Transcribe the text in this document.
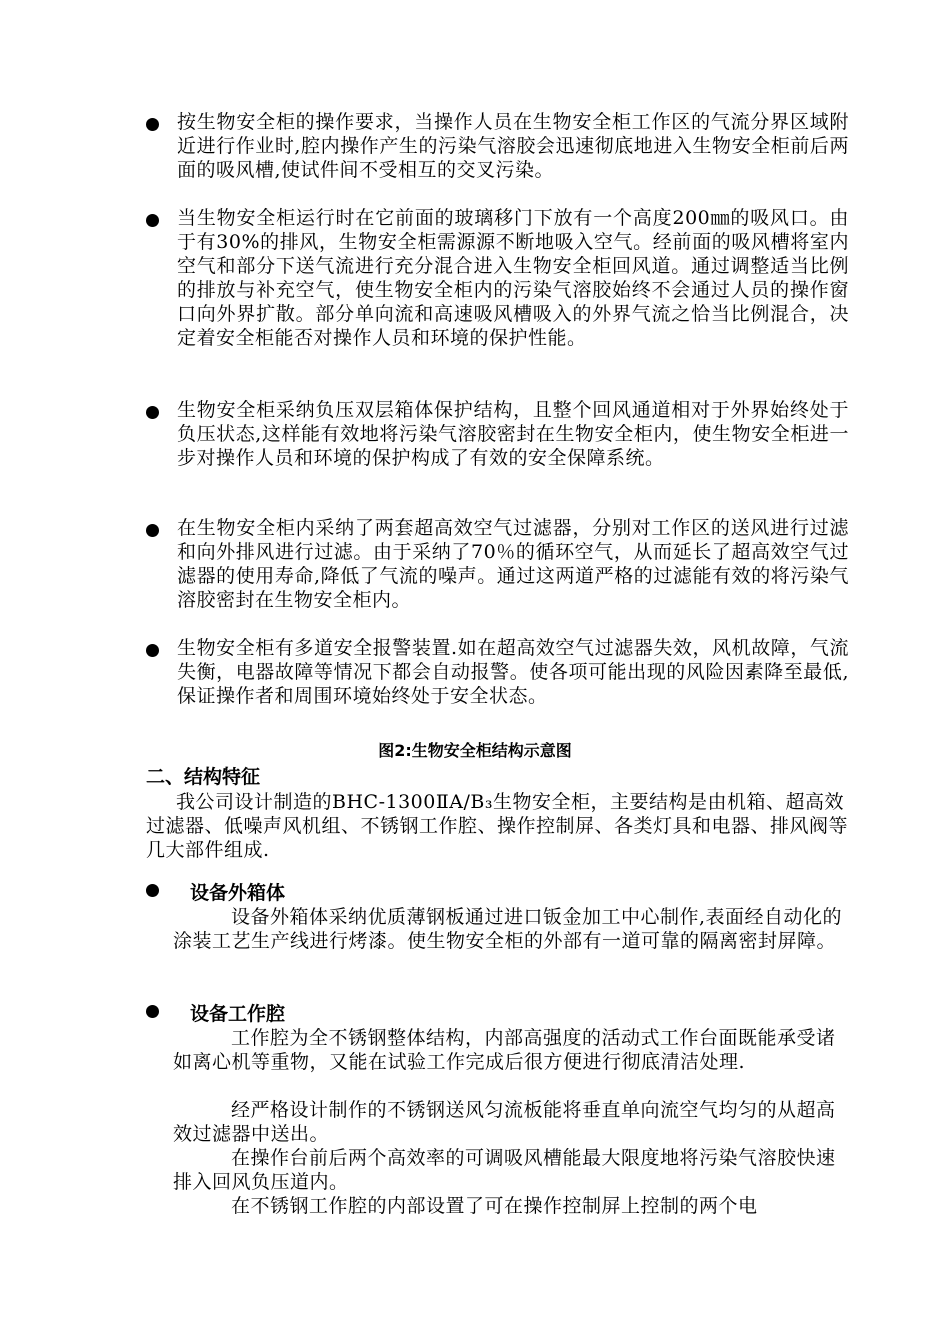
按生物安全柜的操作要求，当操作人员在生物安全柜工作区的气流分界区域附近进行作业时,腔内操作产生的污染气溶胶会迅速彻底地进入生物安全柜前后两面的吸风槽,使试件间不受相互的交叉污染。
当生物安全柜运行时在它前面的玻璃移门下放有一个高度200㎜的吸风口。由于有30%的排风，生物安全柜需源源不断地吸入空气。经前面的吸风槽将室内空气和部分下送气流进行充分混合进入生物安全柜回风道。通过调整适当比例的排放与补充空气，使生物安全柜内的污染气溶胶始终不会通过人员的操作窗口向外界扩散。部分单向流和高速吸风槽吸入的外界气流之恰当比例混合，决定着安全柜能否对操作人员和环境的保护性能。
生物安全柜采纳负压双层箱体保护结构，且整个回风通道相对于外界始终处于负压状态,这样能有效地将污染气溶胶密封在生物安全柜内，使生物安全柜进一步对操作人员和环境的保护构成了有效的安全保障系统。
在生物安全柜内采纳了两套超高效空气过滤器，分别对工作区的送风进行过滤和向外排风进行过滤。由于采纳了70％的循环空气，从而延长了超高效空气过滤器的使用寿命,降低了气流的噪声。通过这两道严格的过滤能有效的将污染气溶胶密封在生物安全柜内。
生物安全柜有多道安全报警装置.如在超高效空气过滤器失效，风机故障，气流失衡，电器故障等情况下都会自动报警。使各项可能出现的风险因素降至最低,保证操作者和周围环境始终处于安全状态。
图2:生物安全柜结构示意图
二、结构特征
我公司设计制造的BHC-1300ⅡA/B₃生物安全柜，主要结构是由机箱、超高效过滤器、低噪声风机组、不锈钢工作腔、操作控制屏、各类灯具和电器、排风阀等几大部件组成.
设备外箱体
设备外箱体采纳优质薄钢板通过进口钣金加工中心制作,表面经自动化的涂装工艺生产线进行烤漆。使生物安全柜的外部有一道可靠的隔离密封屏障。
设备工作腔
工作腔为全不锈钢整体结构，内部高强度的活动式工作台面既能承受诸如离心机等重物，又能在试验工作完成后很方便进行彻底清洁处理.
经严格设计制作的不锈钢送风匀流板能将垂直单向流空气均匀的从超高效过滤器中送出。
在操作台前后两个高效率的可调吸风槽能最大限度地将污染气溶胶快速排入回风负压道内。
在不锈钢工作腔的内部设置了可在操作控制屏上控制的两个电
